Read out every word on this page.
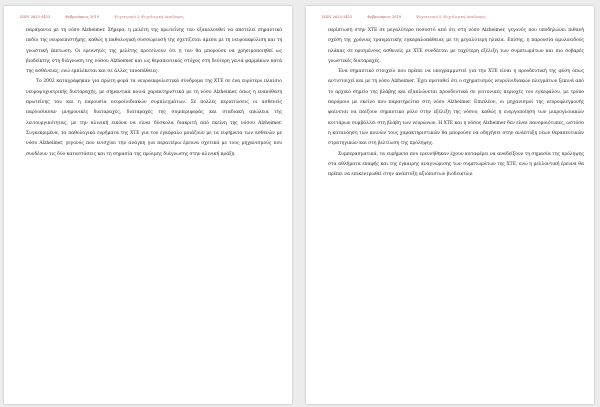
ISSN 2623-3453	Φεβρουάριος 2019	Ψυχιατρική & Ψυχολογική Αναδρομές

παράγοντα με τη νόσο Alzheimer. Σήμερα, η μελέτη της πρωτεΐνης ταυ εξακολουθεί να αποτελεί σημαντικό πεδίο της νευροεπιστήμης, καθώς η παθολογική συσσώρευσή της σχετίζεται άμεσα με τη νευροεκφύλιση και τη γνωστική έκπτωση. Οι ερευνητές της μελέτης προτείνουν ότι η ταυ θα μπορούσε να χρησιμοποιηθεί ως βιοδείκτης στη διάγνωση της νόσου Alzheimer και ως θεραπευτικός στόχος στη δεύτερη γενιά φαρμάκων κατά της ασθένειας, ενώ εμπλέκεται και σε άλλες ταυοπάθειες.

Το 2002 καταγράφηκαν για πρώτη φορά τα νευροεκφυλιστικά σύνδρομα της ΧΤΕ σε ένα ευρύτερο πλαίσιο νευροψυχιατρικής διαταραχής, με σημαντικά κοινά χαρακτηριστικά με τη νόσο Alzheimer, όπως η εναπόθεση πρωτεΐνης ταυ και η παρουσία νευροϊνιδιακών συμπλεγμάτων. Σε πολλές περιπτώσεις οι ασθενείς παρουσίασαν μνημονικές διαταραχές, διαταραχές της συμπεριφοράς και σταδιακή απώλεια της λειτουργικότητας, με την κλινική εικόνα να είναι δύσκολα διακριτή από εκείνη της νόσου Alzheimer. Συγκεκριμένα, τα παθολογικά ευρήματα της ΧΤΕ για τον εγκέφαλο μοιάζουν με τα ευρήματα των ασθενών με νόσο Alzheimer, γεγονός που ενισχύει την ανάγκη για περαιτέρω έρευνα σχετικά με τους μηχανισμούς που συνδέουν τις δύο καταστάσεις και τη σημασία της πρώιμης διάγνωσης στην κλινική πράξη.

ISSN 2623-3453	Φεβρουάριος 2019	Ψυχιατρική & Ψυχολογική Αναδρομές

περίπτωση στην ΧΤΕ σε μεγαλύτερο ποσοστό από ότι στη νόσο Alzheimer, γεγονός που υποδηλώνει πιθανή σχέση της χρόνιας τραυματικής εγκεφαλοπάθειας με τη μεγαλύτερη ηλικία. Επίσης, η παρουσία αμυλοειδούς πλάκας σε ορισμένους ασθενείς με ΧΤΕ συνδέεται με ταχύτερη εξέλιξη των συμπτωμάτων και πιο σοβαρές γνωστικές διαταραχές.

Ένα σημαντικό στοιχείο που πρέπει να υπογραμμιστεί για την ΧΤΕ είναι η προοδευτική της φύση όπως αντιστοιχεί και με τη νόσο Alzheimer. Έχει προταθεί ότι ο σχηματισμός νευροϊνιδιακών πλεγμάτων ξεκινά από το αρχικό σημείο της βλάβης και εξαπλώνεται προοδευτικά σε γειτονικές περιοχές του εγκεφάλου, με τρόπο παρόμοιο με εκείνο που παρατηρείται στη νόσο Alzheimer. Επιπλέον, οι μηχανισμοί της νευροφλεγμονής φαίνεται να παίζουν σημαντικό ρόλο στην εξέλιξη της νόσου, καθώς η ενεργοποίηση των μικρογλοιακών κυττάρων συμβάλλει στη βλάβη των νευρώνων. Η ΧΤΕ και η νόσος Alzheimer δεν είναι πανομοιότυπες, ωστόσο η κατανόηση των κοινών τους χαρακτηριστικών θα μπορούσε να οδηγήσει στην ανάπτυξη νέων θεραπευτικών στρατηγικών και στη βελτίωση της πρόληψης.

Συμπερασματικά, τα ευρήματα που ερευνήθηκαν έχουν καταφέρει να αναδείξουν τη σημασία της πρόληψης στα αθλήματα επαφής και της έγκαιρης αναγνώρισης των συμπτωμάτων της ΧΤΕ, ενώ η μελλοντική έρευνα θα πρέπει να επικεντρωθεί στην ανάπτυξη αξιόπιστων βιοδεικτών.
